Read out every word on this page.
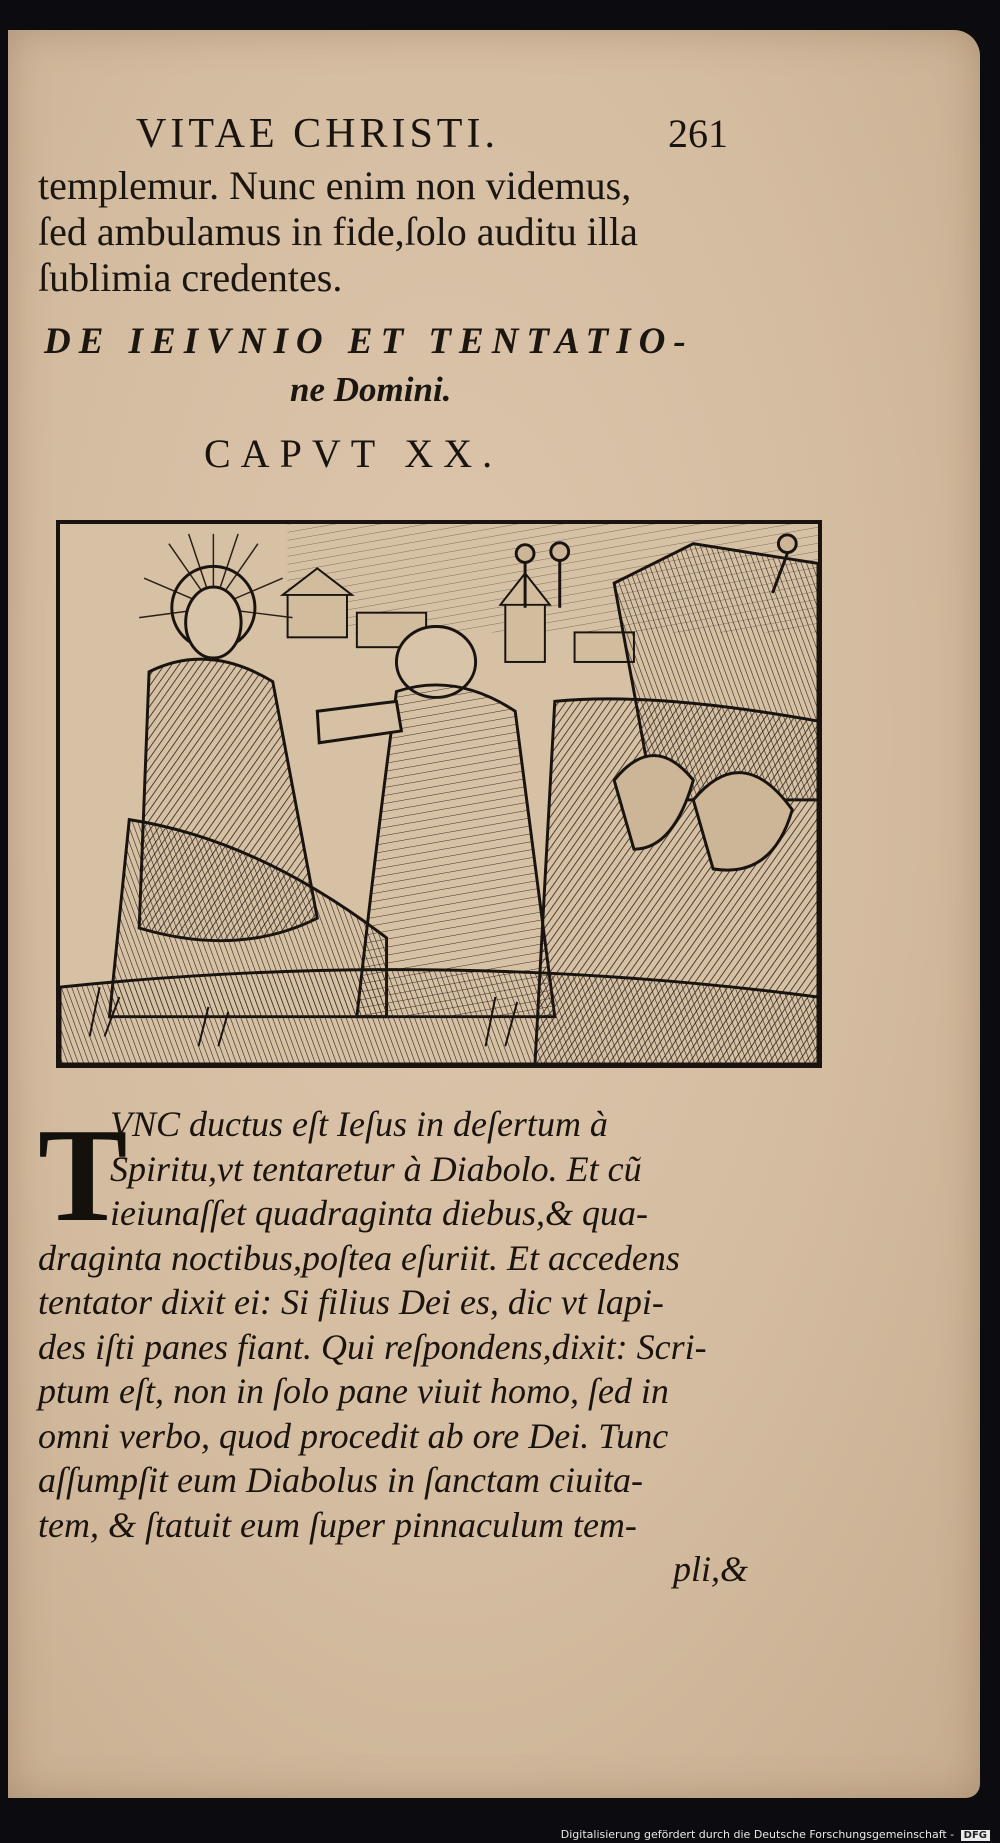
VITAE CHRISTI.	261
templemur. Nunc enim non videmus,
ſed ambulamus in fide,ſolo auditu illa
ſublimia credentes.
DE IEIVNIO ET TENTATIO-
ne Domini.
CAPVT XX.
T
VNC ductus eſt Ieſus in deſertum à
Spiritu,vt tentaretur à Diabolo. Et cũ
ieiunaſſet quadraginta diebus,& qua-
draginta noctibus,poſtea eſuriit. Et accedens
tentator dixit ei: Si filius Dei es, dic vt lapi-
des iſti panes fiant. Qui reſpondens,dixit: Scri-
ptum eſt, non in ſolo pane viuit homo, ſed in
omni verbo, quod procedit ab ore Dei. Tunc
aſſumpſit eum Diabolus in ſanctam ciuita-
tem, & ſtatuit eum ſuper pinnaculum tem-
pli,&
Digitalisierung gefördert durch die Deutsche Forschungsgemeinschaft - DFG
